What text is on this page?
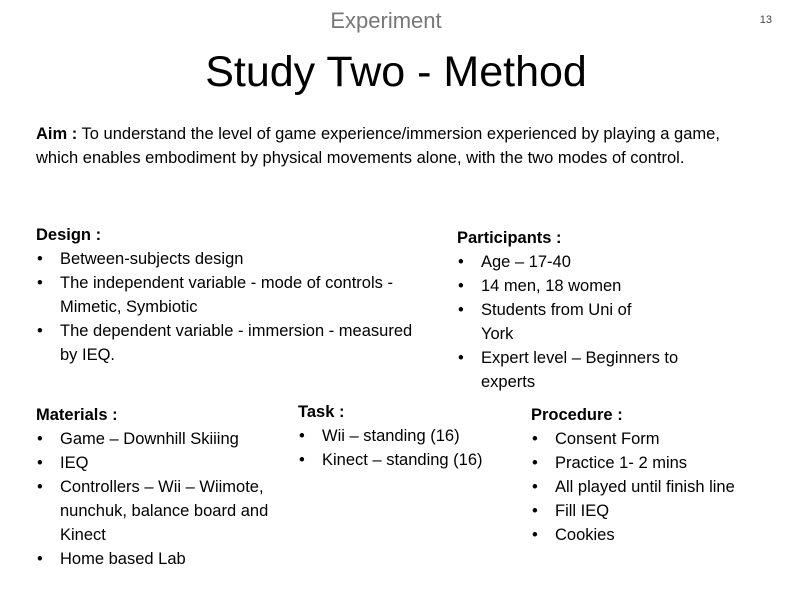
Experiment	13
Study Two - Method
Aim : To understand the level of game experience/immersion experienced by playing a game, which enables embodiment by physical movements alone, with the two modes of control.
Design :
• Between-subjects design
• The independent variable - mode of controls - Mimetic, Symbiotic
• The dependent variable - immersion - measured by IEQ.
Participants :
• Age – 17-40
• 14 men, 18 women
• Students from Uni of York
• Expert level – Beginners to experts
Materials :
• Game – Downhill Skiiing
• IEQ
• Controllers – Wii – Wiimote, nunchuk, balance board and Kinect
• Home based Lab
Task :
• Wii – standing (16)
• Kinect – standing (16)
Procedure :
• Consent Form
• Practice 1- 2 mins
• All played until finish line
• Fill IEQ
• Cookies
